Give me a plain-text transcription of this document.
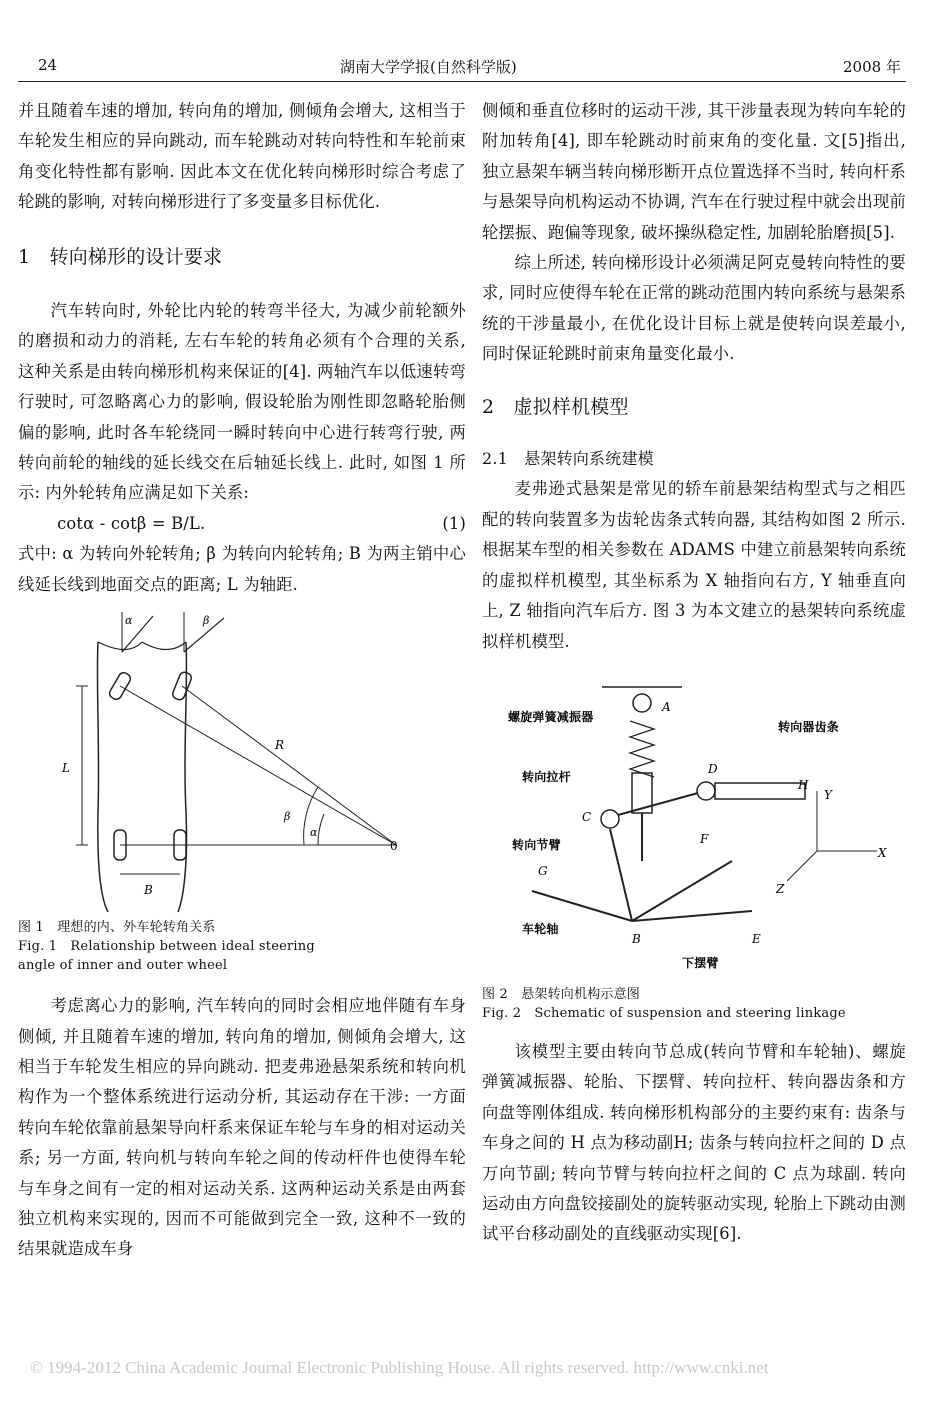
24	湖南大学学报(自然科学版)	2008 年

并且随着车速的增加, 转向角的增加, 侧倾角会增大, 这相当于车轮发生相应的异向跳动, 而车轮跳动对转向特性和车轮前束角变化特性都有影响. 因此本文在优化转向梯形时综合考虑了轮跳的影响, 对转向梯形进行了多变量多目标优化.

1　转向梯形的设计要求

汽车转向时, 外轮比内轮的转弯半径大, 为减少前轮额外的磨损和动力的消耗, 左右车轮的转角必须有个合理的关系, 这种关系是由转向梯形机构来保证的[4]. 两轴汽车以低速转弯行驶时, 可忽略离心力的影响, 假设轮胎为刚性即忽略轮胎侧偏的影响, 此时各车轮绕同一瞬时转向中心进行转弯行驶, 两转向前轮的轴线的延长线交在后轴延长线上. 此时, 如图 1 所示: 内外轮转角应满足如下关系:

cotα - cotβ = B/L.	(1)

式中: α 为转向外轮转角; β 为转向内轮转角; B 为两主销中心线延长线到地面交点的距离; L 为轴距.

α	β
L
R
β
α
B
0

图 1　理想的内、外车轮转角关系

Fig. 1　Relationship between ideal steering

angle of inner and outer wheel

考虑离心力的影响, 汽车转向的同时会相应地伴随有车身侧倾, 并且随着车速的增加, 转向角的增加, 侧倾角会增大, 这相当于车轮发生相应的异向跳动. 把麦弗逊悬架系统和转向机构作为一个整体系统进行运动分析, 其运动存在干涉: 一方面转向车轮依靠前悬架导向杆系来保证车轮与车身的相对运动关系; 另一方面, 转向机与转向车轮之间的传动杆件也使得车轮与车身之间有一定的相对运动关系. 这两种运动关系是由两套独立机构来实现的, 因而不可能做到完全一致, 这种不一致的结果就造成车身

侧倾和垂直位移时的运动干涉, 其干涉量表现为转向车轮的附加转角[4], 即车轮跳动时前束角的变化量. 文[5]指出, 独立悬架车辆当转向梯形断开点位置选择不当时, 转向杆系与悬架导向机构运动不协调, 汽车在行驶过程中就会出现前轮摆振、跑偏等现象, 破坏操纵稳定性, 加剧轮胎磨损[5].

综上所述, 转向梯形设计必须满足阿克曼转向特性的要求, 同时应使得车轮在正常的跳动范围内转向系统与悬架系统的干涉量最小, 在优化设计目标上就是使转向误差最小, 同时保证轮跳时前束角量变化最小.

2　虚拟样机模型

2.1　悬架转向系统建模

麦弗逊式悬架是常见的轿车前悬架结构型式与之相匹配的转向装置多为齿轮齿条式转向器, 其结构如图 2 所示. 根据某车型的相关参数在 ADAMS 中建立前悬架转向系统的虚拟样机模型, 其坐标系为 X 轴指向右方, Y 轴垂直向上, Z 轴指向汽车后方. 图 3 为本文建立的悬架转向系统虚拟样机模型.

A
B
C
D
E
F
G
H
X
Y
Z
螺旋弹簧减振器
转向器齿条
转向拉杆
转向节臂
车轮轴
下摆臂

图 2　悬架转向机构示意图

Fig. 2　Schematic of suspension and steering linkage

该模型主要由转向节总成(转向节臂和车轮轴)、螺旋弹簧减振器、轮胎、下摆臂、转向拉杆、转向器齿条和方向盘等刚体组成. 转向梯形机构部分的主要约束有: 齿条与车身之间的 H 点为移动副H; 齿条与转向拉杆之间的 D 点万向节副; 转向节臂与转向拉杆之间的 C 点为球副. 转向运动由方向盘铰接副处的旋转驱动实现, 轮胎上下跳动由测试平台移动副处的直线驱动实现[6].

© 1994-2012 China Academic Journal Electronic Publishing House. All rights reserved. http://www.cnki.net
